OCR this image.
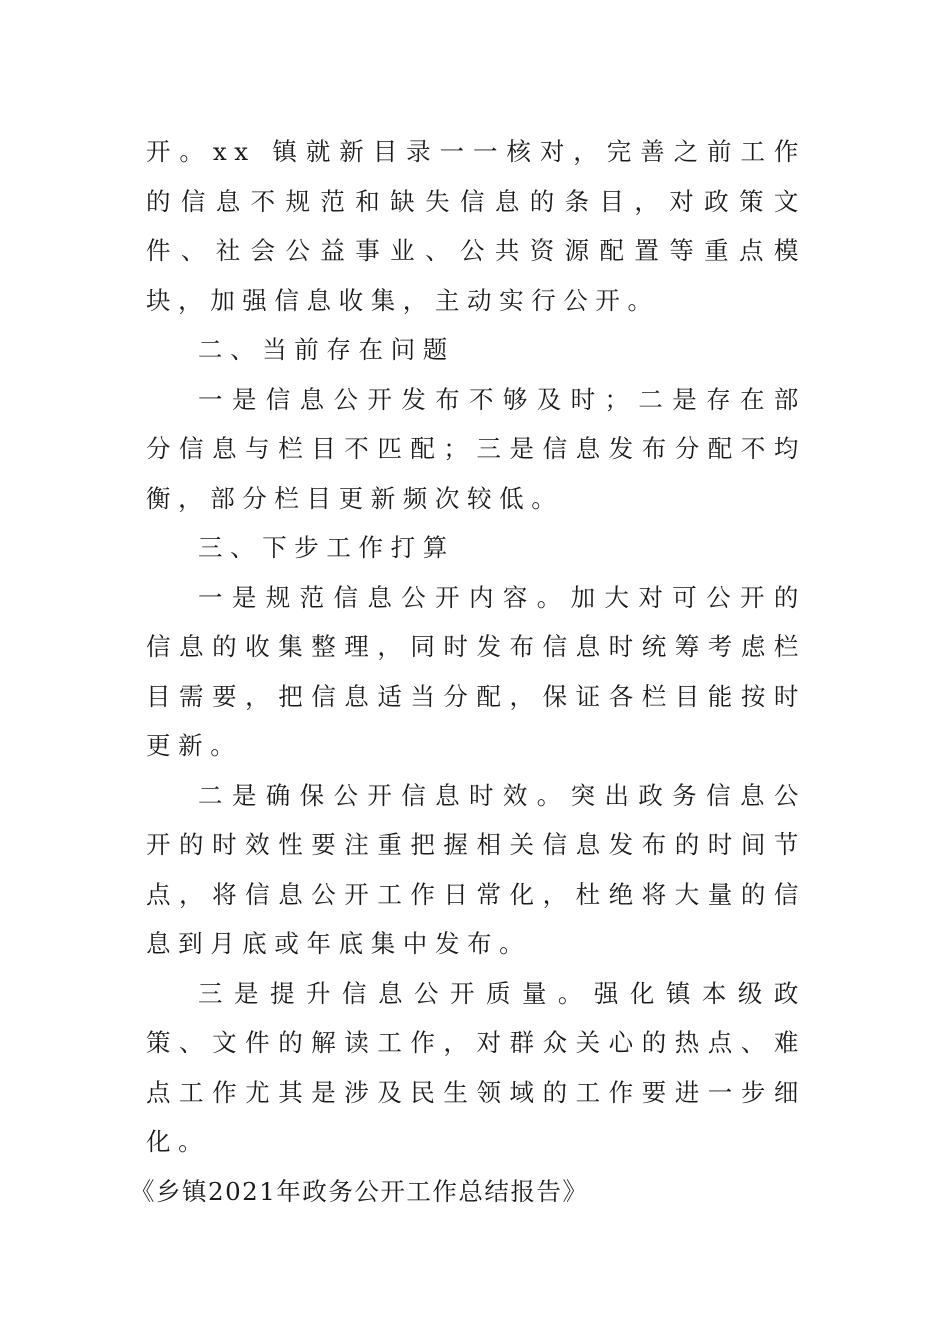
开。xx 镇就新目录一一核对，完善之前工作的信息不规范和缺失信息的条目，对政策文件、社会公益事业、公共资源配置等重点模块，加强信息收集，主动实行公开。

二、当前存在问题

一是信息公开发布不够及时；二是存在部分信息与栏目不匹配；三是信息发布分配不均衡，部分栏目更新频次较低。

三、下步工作打算

一是规范信息公开内容。加大对可公开的信息的收集整理，同时发布信息时统筹考虑栏目需要，把信息适当分配，保证各栏目能按时更新。

二是确保公开信息时效。突出政务信息公开的时效性要注重把握相关信息发布的时间节点，将信息公开工作日常化，杜绝将大量的信息到月底或年底集中发布。

三是提升信息公开质量。强化镇本级政策、文件的解读工作，对群众关心的热点、难点工作尤其是涉及民生领域的工作要进一步细化。

《乡镇2021年政务公开工作总结报告》
